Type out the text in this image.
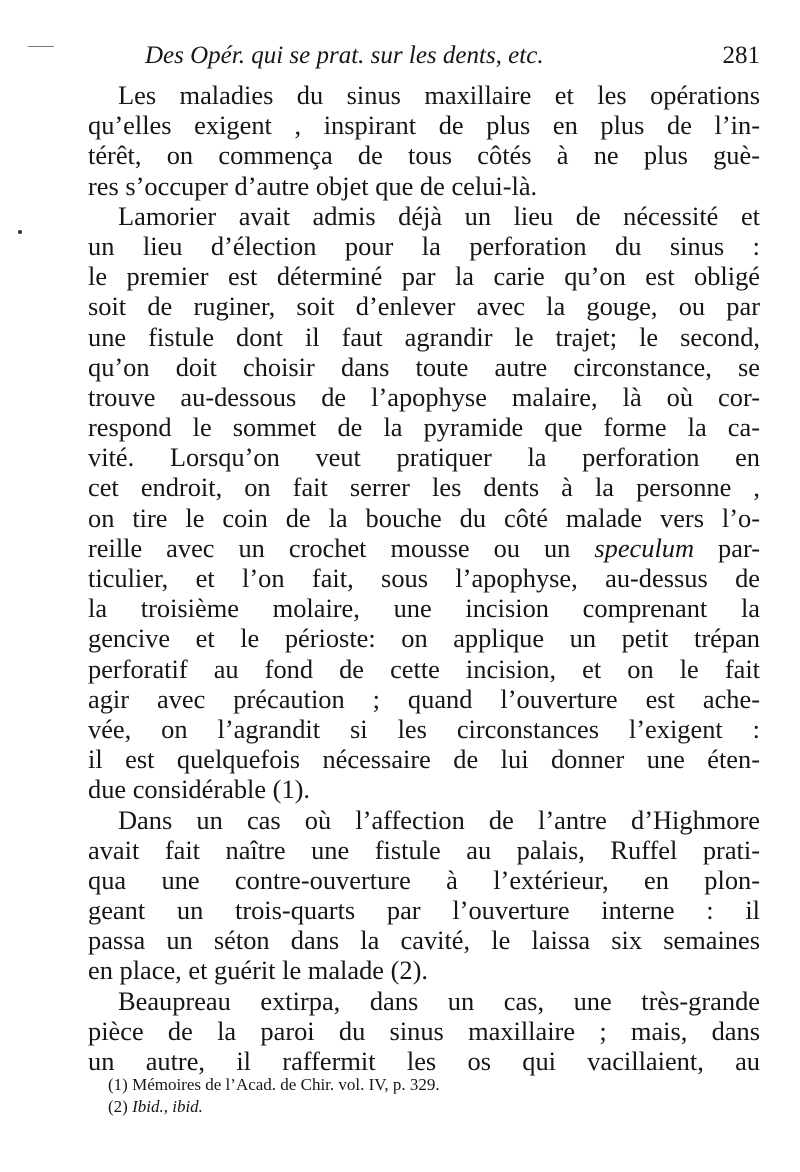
Des Opér. qui se prat. sur les dents, etc.	281
Les maladies du sinus maxillaire et les opérations
qu’elles exigent , inspirant de plus en plus de l’in-
térêt, on commença de tous côtés à ne plus guè-
res s’occuper d’autre objet que de celui-là.
Lamorier avait admis déjà un lieu de nécessité et
un lieu d’élection pour la perforation du sinus :
le premier est déterminé par la carie qu’on est obligé
soit de ruginer, soit d’enlever avec la gouge, ou par
une fistule dont il faut agrandir le trajet; le second,
qu’on doit choisir dans toute autre circonstance, se
trouve au-dessous de l’apophyse malaire, là où cor-
respond le sommet de la pyramide que forme la ca-
vité. Lorsqu’on veut pratiquer la perforation en
cet endroit, on fait serrer les dents à la personne ,
on tire le coin de la bouche du côté malade vers l’o-
reille avec un crochet mousse ou un speculum par-
ticulier, et l’on fait, sous l’apophyse, au-dessus de
la troisième molaire, une incision comprenant la
gencive et le périoste: on applique un petit trépan
perforatif au fond de cette incision, et on le fait
agir avec précaution ; quand l’ouverture est ache-
vée, on l’agrandit si les circonstances l’exigent :
il est quelquefois nécessaire de lui donner une éten-
due considérable (1).
Dans un cas où l’affection de l’antre d’Highmore
avait fait naître une fistule au palais, Ruffel prati-
qua une contre-ouverture à l’extérieur, en plon-
geant un trois-quarts par l’ouverture interne : il
passa un séton dans la cavité, le laissa six semaines
en place, et guérit le malade (2).
Beaupreau extirpa, dans un cas, une très-grande
pièce de la paroi du sinus maxillaire ; mais, dans
un autre, il raffermit les os qui vacillaient, au
(1) Mémoires de l’Acad. de Chir. vol. IV, p. 329.
(2) Ibid., ibid.
